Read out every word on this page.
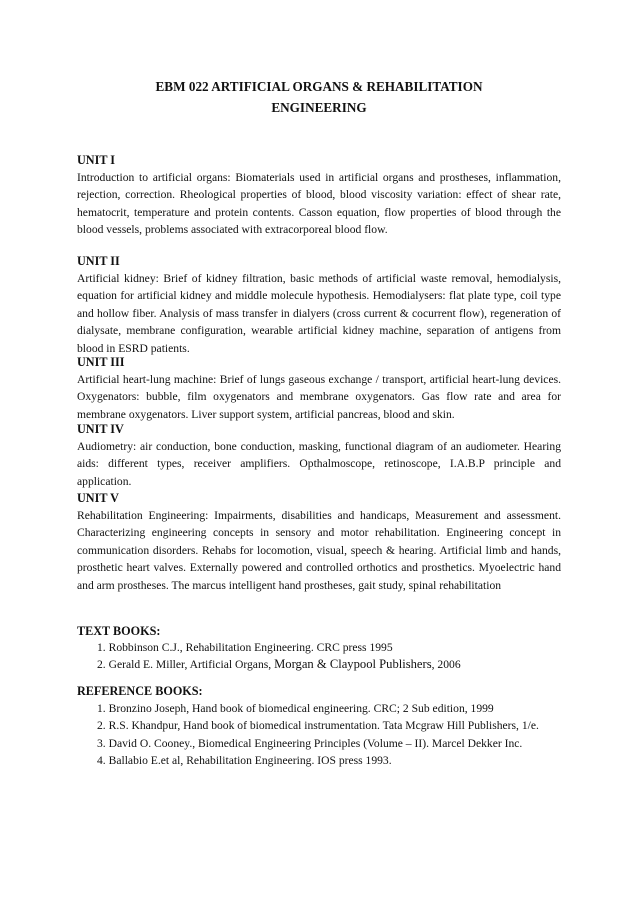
EBM 022 ARTIFICIAL ORGANS & REHABILITATION
ENGINEERING
UNIT I

Introduction to artificial organs: Biomaterials used in artificial organs and prostheses, inflammation, rejection, correction. Rheological properties of blood, blood viscosity variation: effect of shear rate, hematocrit, temperature and protein contents. Casson equation, flow properties of blood through the blood vessels, problems associated with extracorporeal blood flow.

UNIT II

Artificial kidney: Brief of kidney filtration, basic methods of artificial waste removal, hemodialysis, equation for artificial kidney and middle molecule hypothesis. Hemodialysers: flat plate type, coil type and hollow fiber. Analysis of mass transfer in dialyers (cross current & cocurrent flow), regeneration of dialysate, membrane configuration, wearable artificial kidney machine, separation of antigens from blood in ESRD patients.

UNIT III

Artificial heart-lung machine: Brief of lungs gaseous exchange / transport, artificial heart-lung devices. Oxygenators: bubble, film oxygenators and membrane oxygenators. Gas flow rate and area for membrane oxygenators. Liver support system, artificial pancreas, blood and skin.

UNIT IV

Audiometry: air conduction, bone conduction, masking, functional diagram of an audiometer. Hearing aids: different types, receiver amplifiers. Opthalmoscope, retinoscope, I.A.B.P principle and application.

UNIT V

Rehabilitation Engineering: Impairments, disabilities and handicaps, Measurement and assessment. Characterizing engineering concepts in sensory and motor rehabilitation. Engineering concept in communication disorders. Rehabs for locomotion, visual, speech & hearing. Artificial limb and hands, prosthetic heart valves. Externally powered and controlled orthotics and prosthetics. Myoelectric hand and arm prostheses. The marcus intelligent hand prostheses, gait study, spinal rehabilitation

TEXT BOOKS:
1. Robbinson C.J., Rehabilitation Engineering. CRC press 1995
2. Gerald E. Miller, Artificial Organs, Morgan & Claypool Publishers, 2006
REFERENCE BOOKS:
1. Bronzino Joseph, Hand book of biomedical engineering. CRC; 2 Sub edition, 1999
2. R.S. Khandpur, Hand book of biomedical instrumentation. Tata Mcgraw Hill Publishers, 1/e.
3. David O. Cooney., Biomedical Engineering Principles (Volume – II). Marcel Dekker Inc.
4. Ballabio E.et al, Rehabilitation Engineering. IOS press 1993.
